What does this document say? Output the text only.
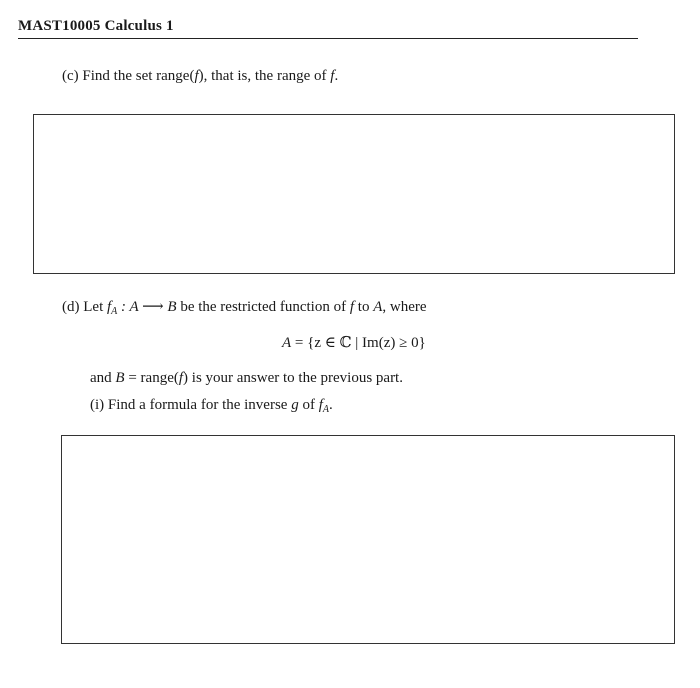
MAST10005 Calculus 1
(c) Find the set range(f), that is, the range of f.
(d) Let $f_A$ : A ⟶ B be the restricted function of f to A, where
A = {z ∈ ℂ | Im(z) ≥ 0}
and B = range(f) is your answer to the previous part.
(i) Find a formula for the inverse g of $f_A$.
